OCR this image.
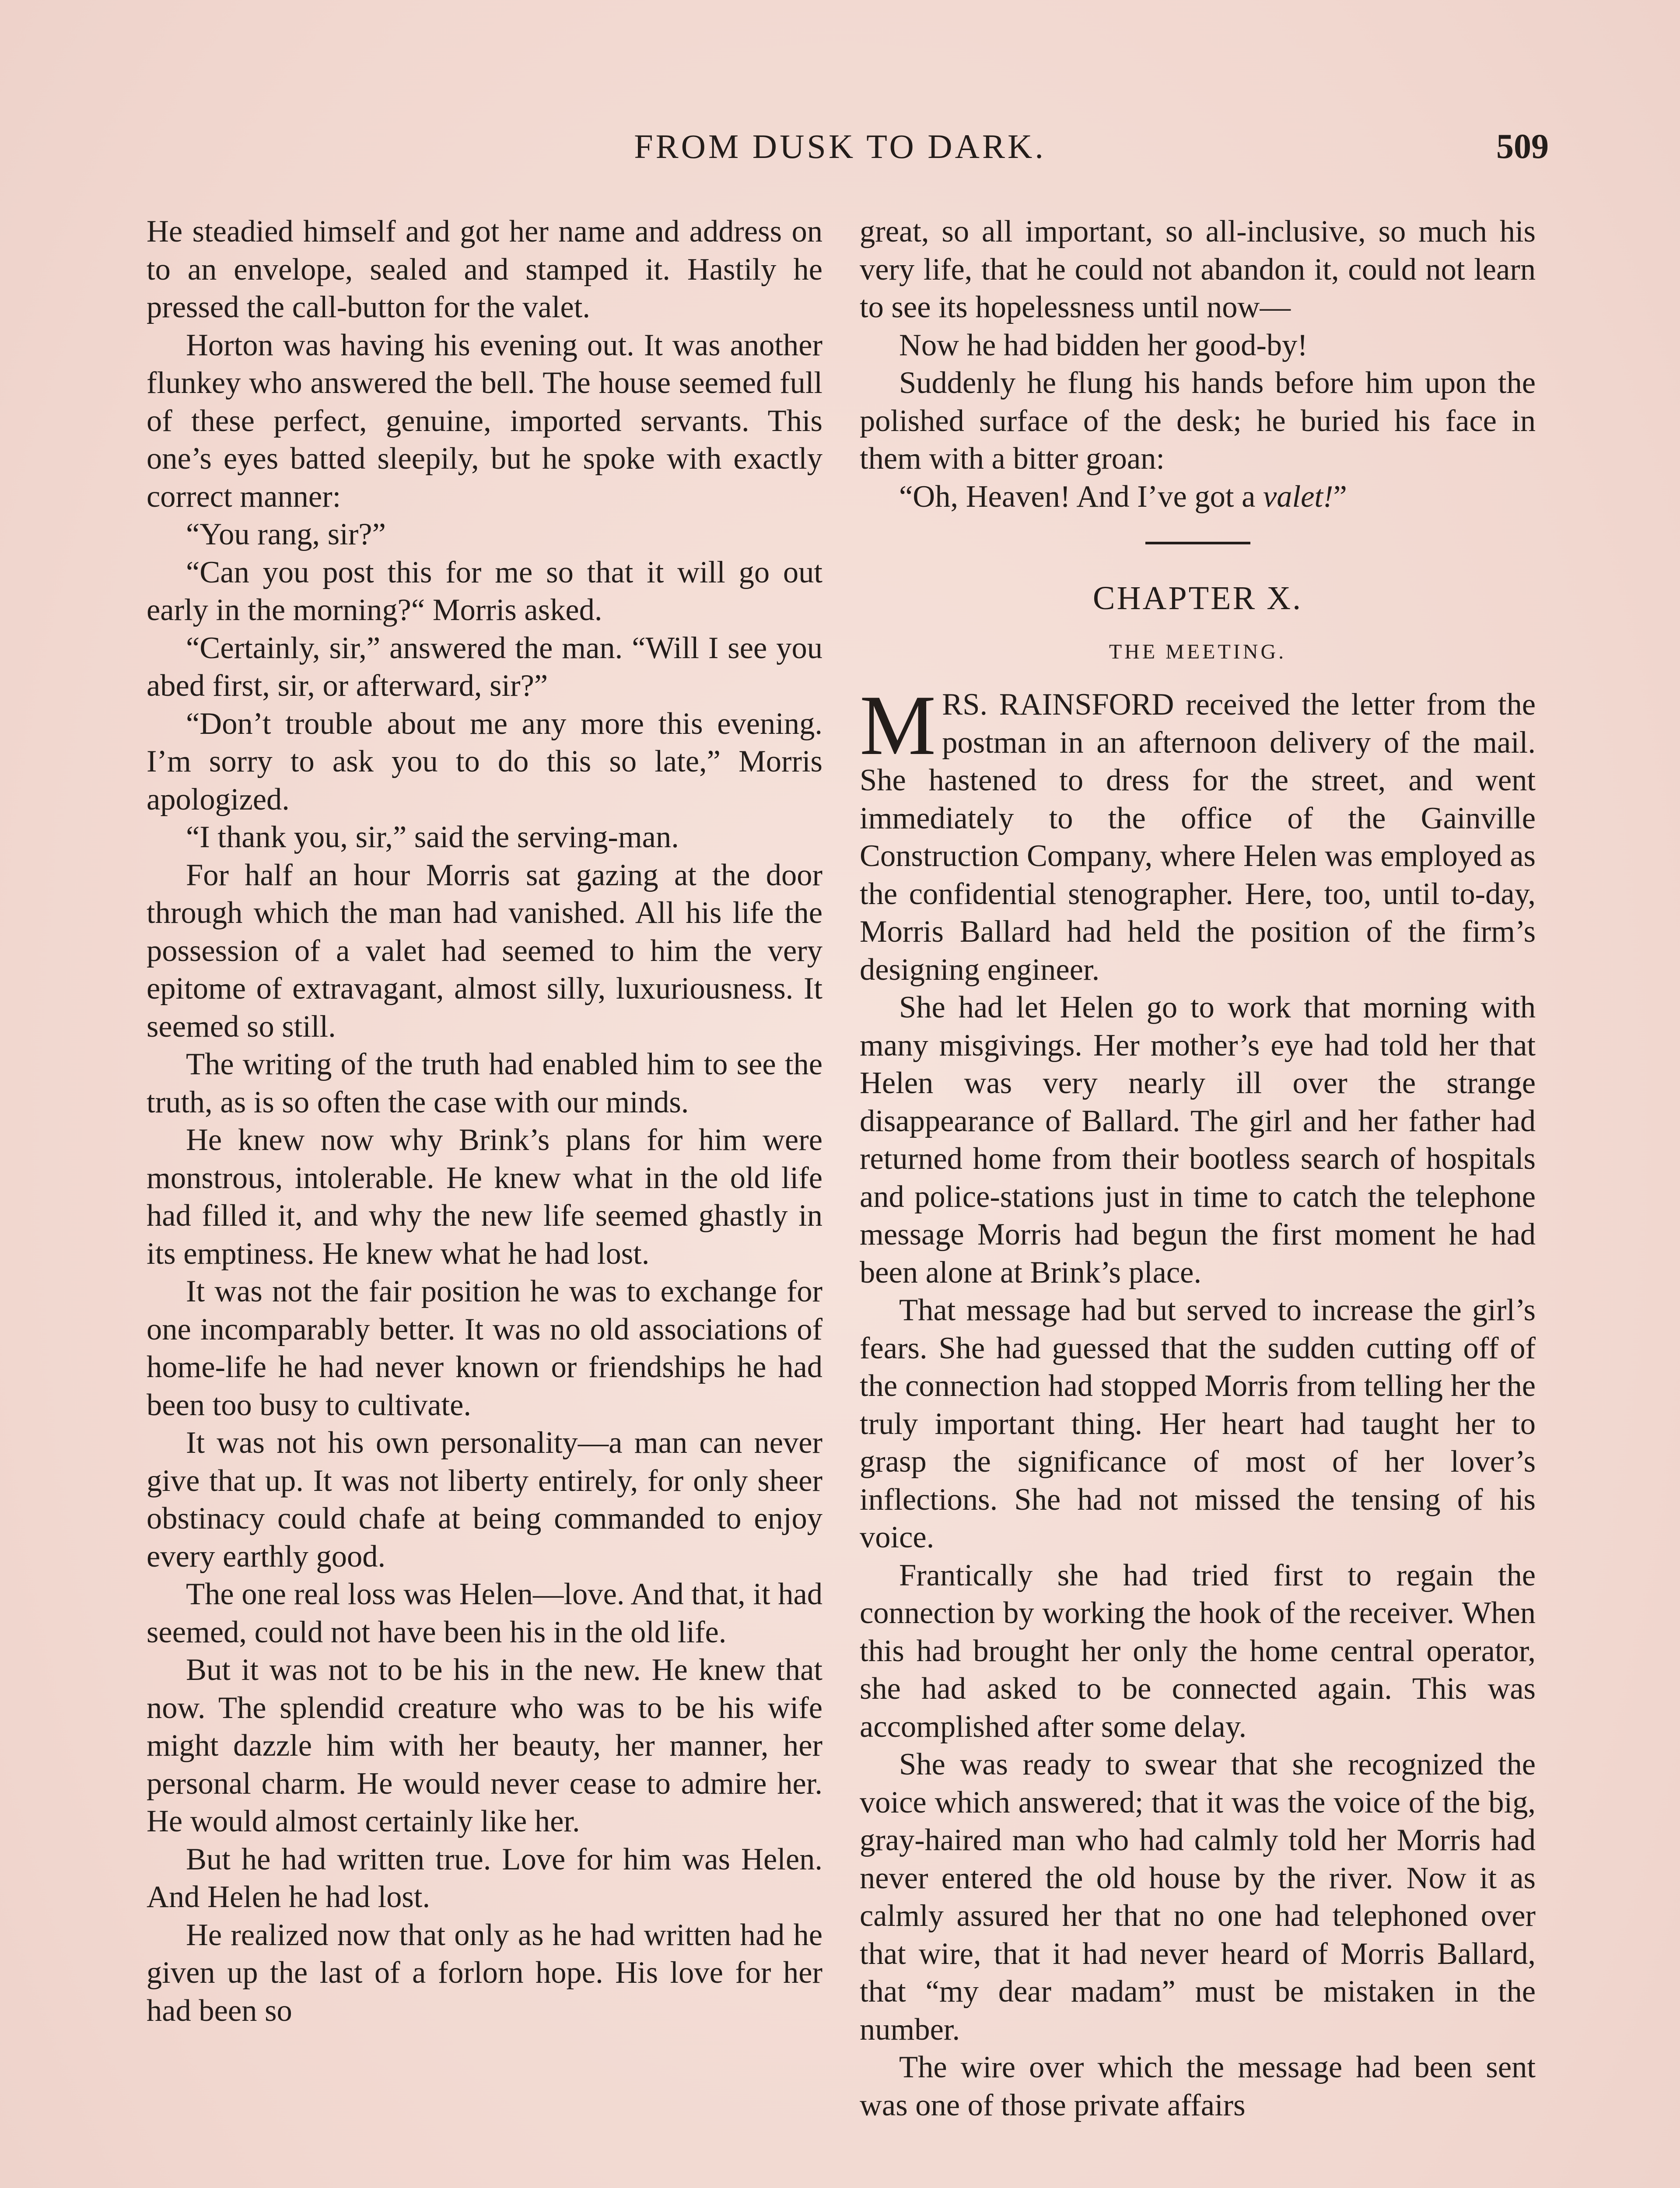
FROM DUSK TO DARK.	509

He steadied himself and got her name and address on to an envelope, sealed and stamped it. Hastily he pressed the call-button for the valet.

Horton was having his evening out. It was another flunkey who answered the bell. The house seemed full of these perfect, genuine, imported servants. This one’s eyes batted sleepily, but he spoke with exactly correct manner:

“You rang, sir?”

“Can you post this for me so that it will go out early in the morning?“ Morris asked.

“Certainly, sir,” answered the man. “Will I see you abed first, sir, or afterward, sir?”

“Don’t trouble about me any more this evening. I’m sorry to ask you to do this so late,” Morris apologized.

“I thank you, sir,” said the serving-man.

For half an hour Morris sat gazing at the door through which the man had vanished. All his life the possession of a valet had seemed to him the very epitome of extravagant, almost silly, luxuriousness. It seemed so still.

The writing of the truth had enabled him to see the truth, as is so often the case with our minds.

He knew now why Brink’s plans for him were monstrous, intolerable. He knew what in the old life had filled it, and why the new life seemed ghastly in its emptiness. He knew what he had lost.

It was not the fair position he was to exchange for one incomparably better. It was no old associations of home-life he had never known or friendships he had been too busy to cultivate.

It was not his own personality—a man can never give that up. It was not liberty entirely, for only sheer obstinacy could chafe at being commanded to enjoy every earthly good.

The one real loss was Helen—love. And that, it had seemed, could not have been his in the old life.

But it was not to be his in the new. He knew that now. The splendid creature who was to be his wife might dazzle him with her beauty, her manner, her personal charm. He would never cease to admire her. He would almost certainly like her.

But he had written true. Love for him was Helen. And Helen he had lost.

He realized now that only as he had written had he given up the last of a forlorn hope. His love for her had been so

great, so all important, so all-inclusive, so much his very life, that he could not abandon it, could not learn to see its hopelessness until now—

Now he had bidden her good-by!

Suddenly he flung his hands before him upon the polished surface of the desk; he buried his face in them with a bitter groan:

“Oh, Heaven! And I’ve got a valet!”

CHAPTER X.
THE MEETING.

MRS. RAINSFORD received the letter from the postman in an afternoon delivery of the mail. She hastened to dress for the street, and went immediately to the office of the Gainville Construction Company, where Helen was employed as the confidential stenographer. Here, too, until to-day, Morris Ballard had held the position of the firm’s designing engineer.

She had let Helen go to work that morning with many misgivings. Her mother’s eye had told her that Helen was very nearly ill over the strange disappearance of Ballard. The girl and her father had returned home from their bootless search of hospitals and police-stations just in time to catch the telephone message Morris had begun the first moment he had been alone at Brink’s place.

That message had but served to increase the girl’s fears. She had guessed that the sudden cutting off of the connection had stopped Morris from telling her the truly important thing. Her heart had taught her to grasp the significance of most of her lover’s inflections. She had not missed the tensing of his voice.

Frantically she had tried first to regain the connection by working the hook of the receiver. When this had brought her only the home central operator, she had asked to be connected again. This was accomplished after some delay.

She was ready to swear that she recognized the voice which answered; that it was the voice of the big, gray-haired man who had calmly told her Morris had never entered the old house by the river. Now it as calmly assured her that no one had telephoned over that wire, that it had never heard of Morris Ballard, that “my dear madam” must be mistaken in the number.

The wire over which the message had been sent was one of those private affairs
